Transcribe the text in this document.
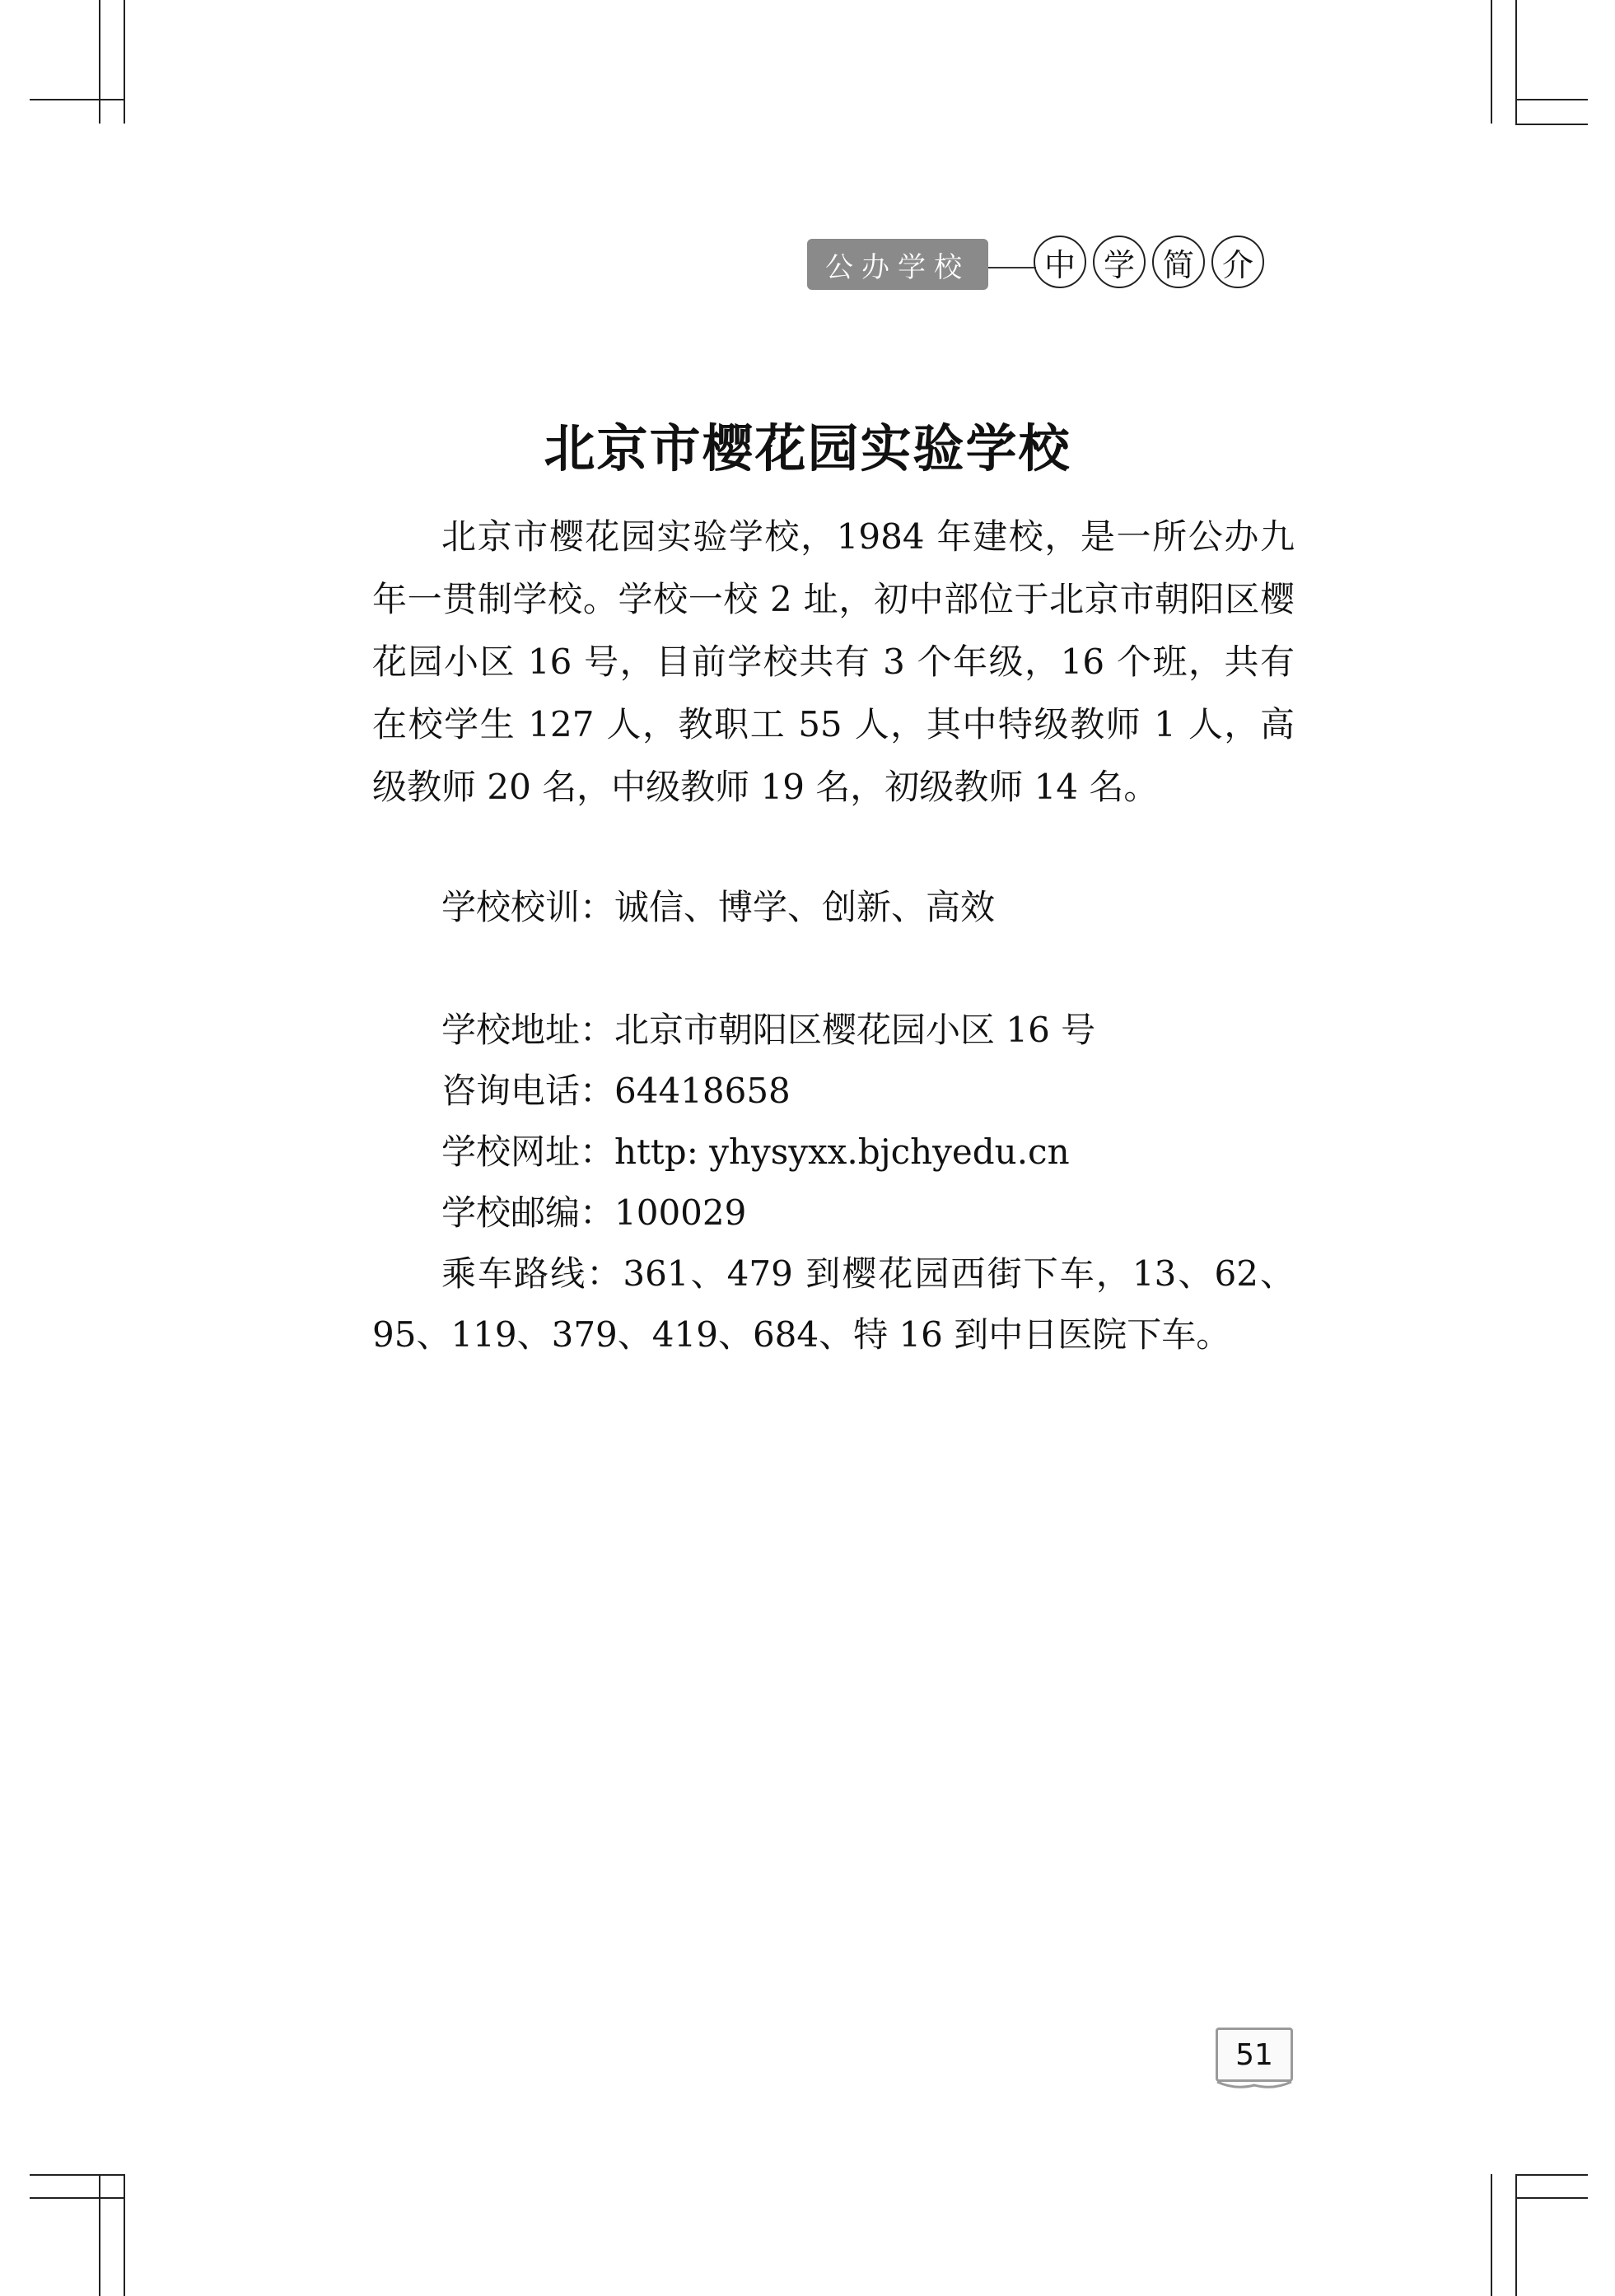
公办学校	中 学 简 介
北京市樱花园实验学校

北京市樱花园实验学校，1984 年建校，是一所公办九年一贯制学校。学校一校 2 址，初中部位于北京市朝阳区樱花园小区 16 号，目前学校共有 3 个年级，16 个班，共有在校学生 127 人，教职工 55 人，其中特级教师 1 人，高级教师 20 名，中级教师 19 名，初级教师 14 名。

学校校训：诚信、博学、创新、高效

学校地址：北京市朝阳区樱花园小区 16 号
咨询电话：64418658
学校网址：http: yhysyxx.bjchyedu.cn
学校邮编：100029
乘车路线：361、479 到樱花园西街下车，13、62、95、119、379、419、684、特 16 到中日医院下车。
51
